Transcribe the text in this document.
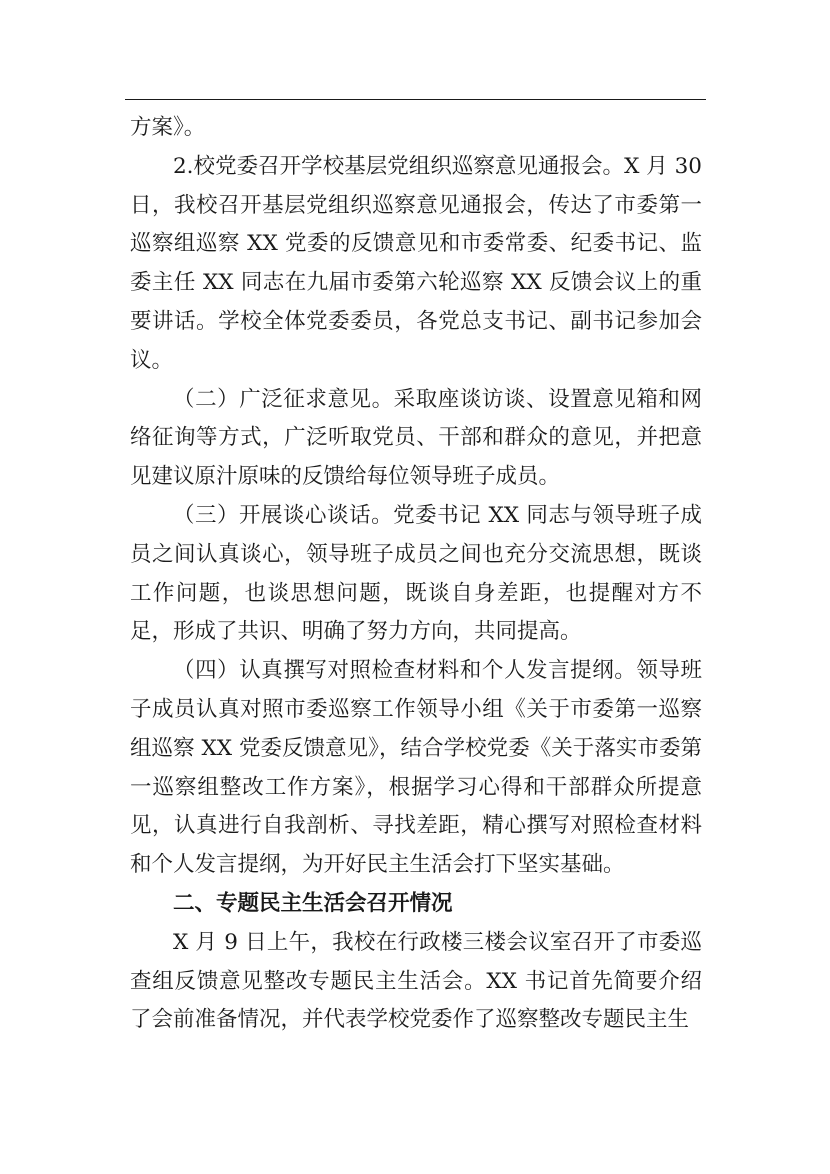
方案》。

2.校党委召开学校基层党组织巡察意见通报会。X 月 30 日，我校召开基层党组织巡察意见通报会，传达了市委第一巡察组巡察 XX 党委的反馈意见和市委常委、纪委书记、监委主任 XX 同志在九届市委第六轮巡察 XX 反馈会议上的重要讲话。学校全体党委委员，各党总支书记、副书记参加会议。

（二）广泛征求意见。采取座谈访谈、设置意见箱和网络征询等方式，广泛听取党员、干部和群众的意见，并把意见建议原汁原味的反馈给每位领导班子成员。

（三）开展谈心谈话。党委书记 XX 同志与领导班子成员之间认真谈心，领导班子成员之间也充分交流思想，既谈工作问题，也谈思想问题，既谈自身差距，也提醒对方不足，形成了共识、明确了努力方向，共同提高。

（四）认真撰写对照检查材料和个人发言提纲。领导班子成员认真对照市委巡察工作领导小组《关于市委第一巡察组巡察 XX 党委反馈意见》，结合学校党委《关于落实市委第一巡察组整改工作方案》，根据学习心得和干部群众所提意见，认真进行自我剖析、寻找差距，精心撰写对照检查材料和个人发言提纲，为开好民主生活会打下坚实基础。

二、专题民主生活会召开情况

X 月 9 日上午，我校在行政楼三楼会议室召开了市委巡查组反馈意见整改专题民主生活会。XX 书记首先简要介绍了会前准备情况，并代表学校党委作了巡察整改专题民主生
